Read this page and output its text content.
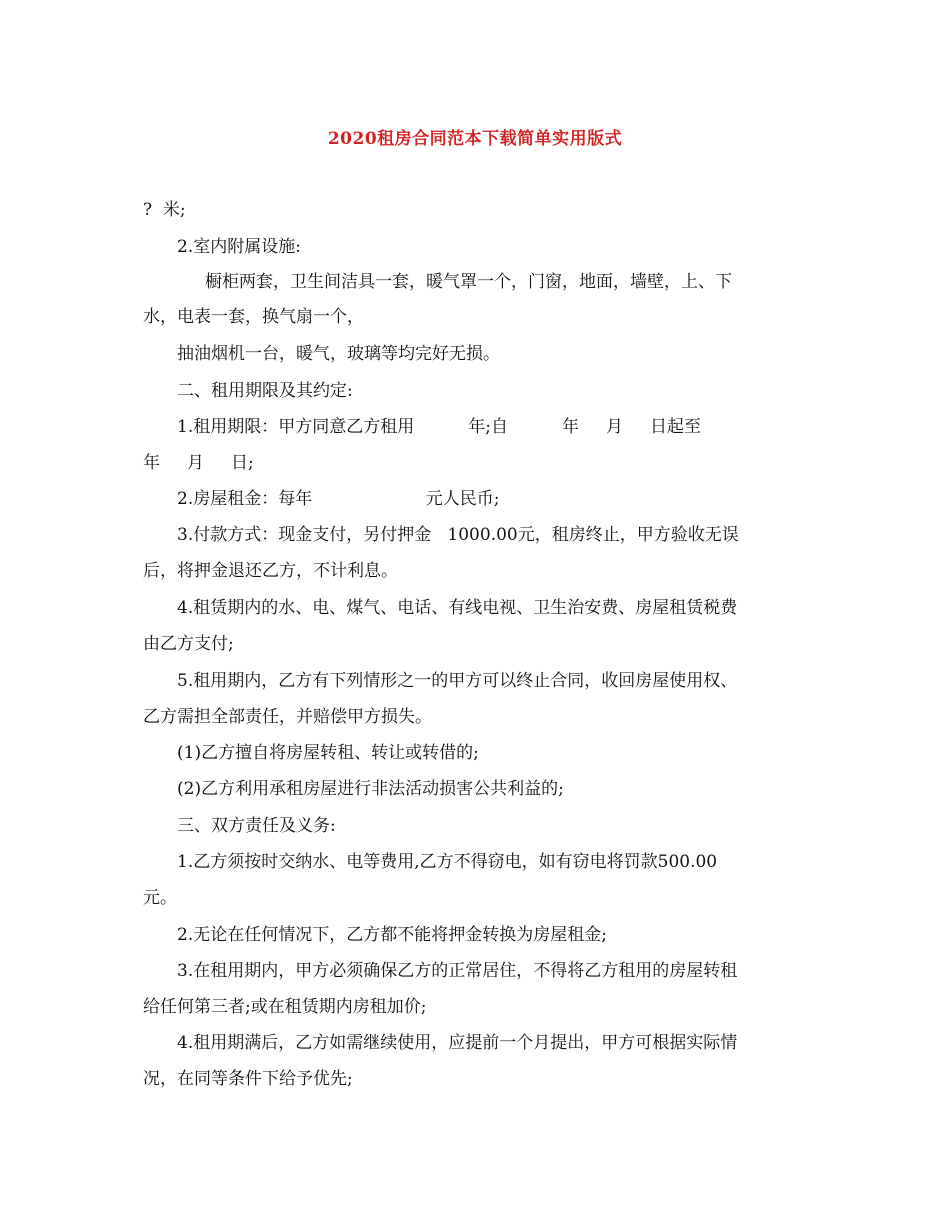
2020租房合同范本下载简单实用版式
?  米;
2.室内附属设施:
橱柜两套，卫生间洁具一套，暖气罩一个，门窗，地面，墙壁，上、下
水，电表一套，换气扇一个，
抽油烟机一台，暖气，玻璃等均完好无损。
二、租用期限及其约定:
1.租用期限：甲方同意乙方租用          年;自          年     月     日起至
年     月     日;
2.房屋租金：每年                     元人民币;
3.付款方式：现金支付，另付押金   1000.00元，租房终止，甲方验收无误
后，将押金退还乙方，不计利息。
4.租赁期内的水、电、煤气、电话、有线电视、卫生治安费、房屋租赁税费
由乙方支付;
5.租用期内，乙方有下列情形之一的甲方可以终止合同，收回房屋使用权、
乙方需担全部责任，并赔偿甲方损失。
(1)乙方擅自将房屋转租、转让或转借的;
(2)乙方利用承租房屋进行非法活动损害公共利益的;
三、双方责任及义务:
1.乙方须按时交纳水、电等费用,乙方不得窃电，如有窃电将罚款500.00
元。
2.无论在任何情况下，乙方都不能将押金转换为房屋租金;
3.在租用期内，甲方必须确保乙方的正常居住，不得将乙方租用的房屋转租
给任何第三者;或在租赁期内房租加价;
4.租用期满后，乙方如需继续使用，应提前一个月提出，甲方可根据实际情
况，在同等条件下给予优先;
